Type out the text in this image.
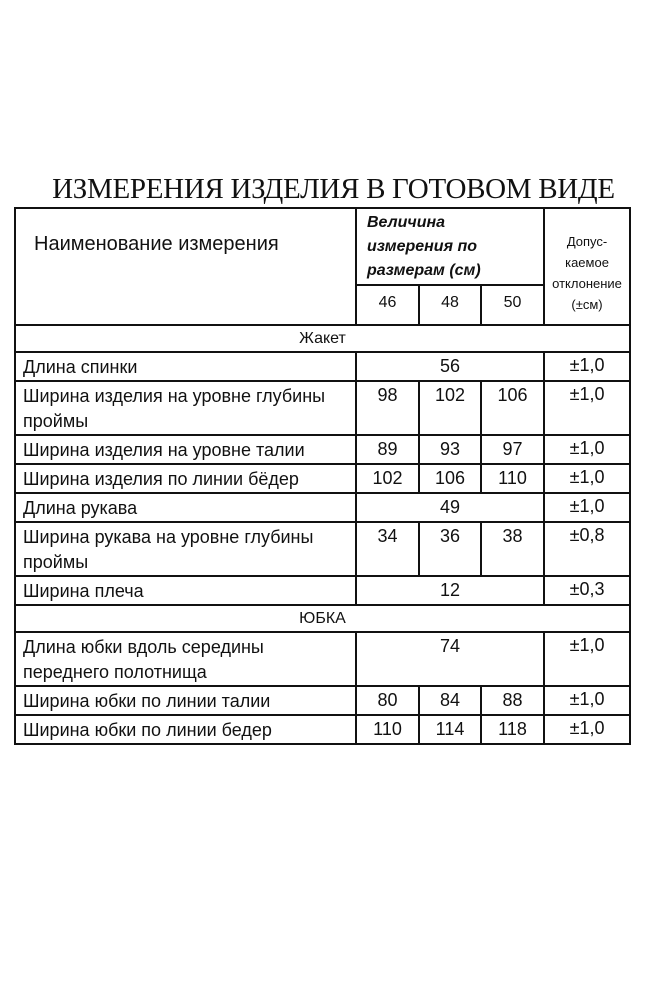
ИЗМЕРЕНИЯ ИЗДЕЛИЯ В ГОТОВОМ ВИДЕ
Наименование измерения	Величина измерения по размерам (см)			Допус-каемое отклонение (±см)
	46	48	50	
Жакет				
Длина спинки	56			±1,0
Ширина изделия на уровне глубины проймы	98	102	106	±1,0
Ширина изделия на уровне талии	89	93	97	±1,0
Ширина изделия по линии бёдер	102	106	110	±1,0
Длина рукава	49			±1,0
Ширина рукава на уровне глубины проймы	34	36	38	±0,8
Ширина плеча	12			±0,3
ЮБКА				
Длина юбки вдоль середины переднего полотнища	74			±1,0
Ширина юбки по линии талии	80	84	88	±1,0
Ширина юбки по линии бедер	110	114	118	±1,0
